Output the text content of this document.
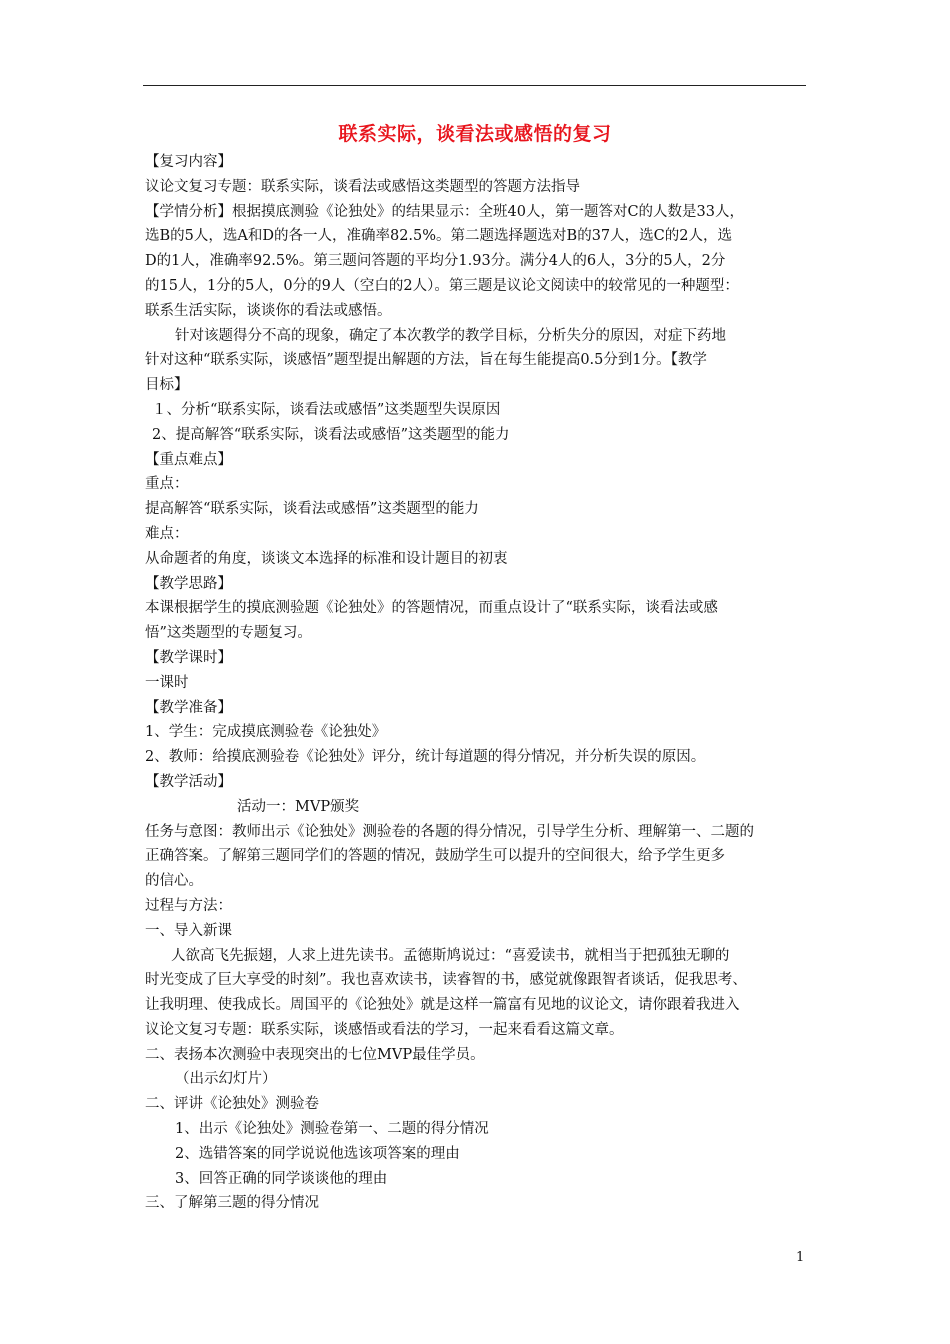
联系实际，谈看法或感悟的复习
【复习内容】
议论文复习专题：联系实际，谈看法或感悟这类题型的答题方法指导
【学情分析】根据摸底测验《论独处》的结果显示：全班40人，第一题答对C的人数是33人，
选B的5人，选A和D的各一人，准确率82.5%。第二题选择题选对B的37人，选C的2人，选
D的1人，准确率92.5%。第三题问答题的平均分1.93分。满分4人的6人，3分的5人，2分
的15人，1分的5人，0分的9人（空白的2人）。第三题是议论文阅读中的较常见的一种题型：
联系生活实际，谈谈你的看法或感悟。
针对该题得分不高的现象，确定了本次教学的教学目标，分析失分的原因，对症下药地
针对这种“联系实际，谈感悟”题型提出解题的方法，旨在每生能提高0.5分到1分。【教学
目标】
１、分析“联系实际，谈看法或感悟”这类题型失误原因
2、提高解答“联系实际，谈看法或感悟”这类题型的能力
【重点难点】
重点：
提高解答“联系实际，谈看法或感悟”这类题型的能力
难点：
从命题者的角度，谈谈文本选择的标准和设计题目的初衷
【教学思路】
本课根据学生的摸底测验题《论独处》的答题情况，而重点设计了“联系实际，谈看法或感
悟”这类题型的专题复习。
【教学课时】
一课时
【教学准备】
1、学生：完成摸底测验卷《论独处》
2、教师：给摸底测验卷《论独处》评分，统计每道题的得分情况，并分析失误的原因。
【教学活动】
活动一：MVP颁奖
任务与意图：教师出示《论独处》测验卷的各题的得分情况，引导学生分析、理解第一、二题的
正确答案。了解第三题同学们的答题的情况，鼓励学生可以提升的空间很大，给予学生更多
的信心。
过程与方法：
一、导入新课
人欲高飞先振翅，人求上进先读书。孟德斯鸠说过：“喜爱读书，就相当于把孤独无聊的
时光变成了巨大享受的时刻”。我也喜欢读书，读睿智的书，感觉就像跟智者谈话，促我思考、
让我明理、使我成长。周国平的《论独处》就是这样一篇富有见地的议论文，请你跟着我进入
议论文复习专题：联系实际，谈感悟或看法的学习，一起来看看这篇文章。
二、表扬本次测验中表现突出的七位MVP最佳学员。
（出示幻灯片）
二、评讲《论独处》测验卷
1、出示《论独处》测验卷第一、二题的得分情况
2、选错答案的同学说说他选该项答案的理由
3、回答正确的同学谈谈他的理由
三、了解第三题的得分情况
1
